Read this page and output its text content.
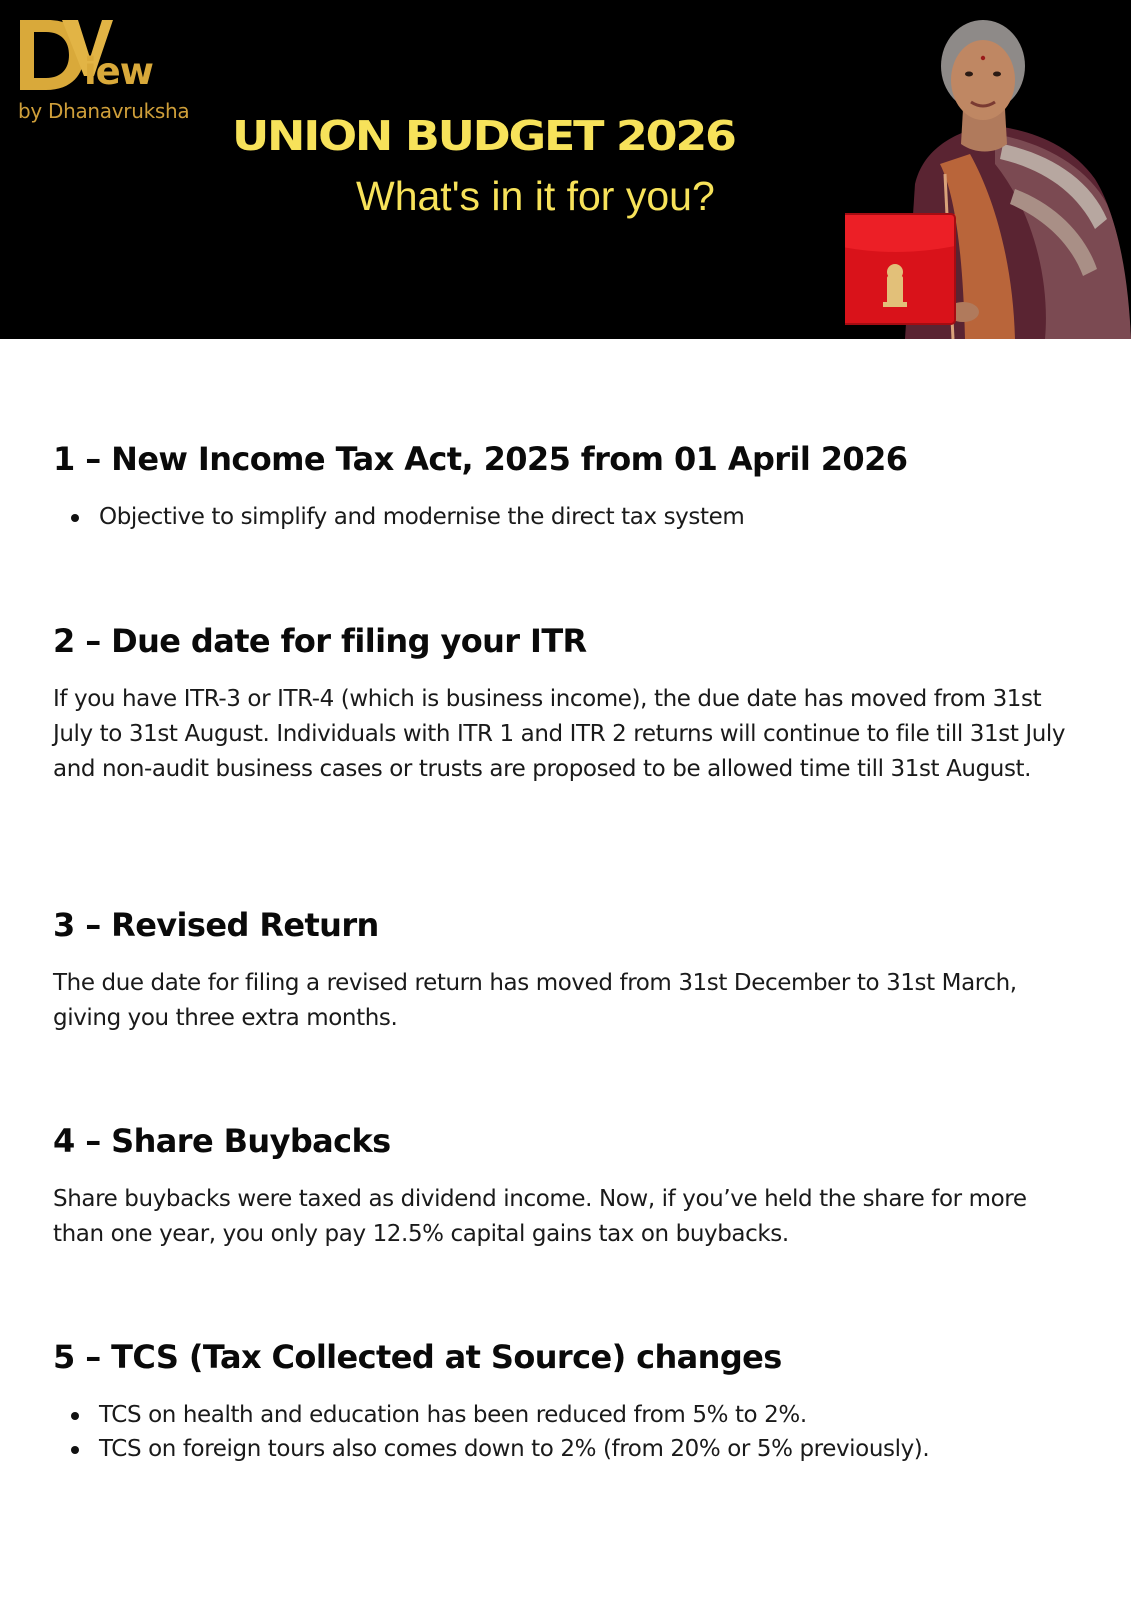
iew
by Dhanavruksha
UNION BUDGET 2026
What's in it for you?
1 – New Income Tax Act, 2025 from 01 April 2026
Objective to simplify and modernise the direct tax system
2 – Due date for filing your ITR

If you have ITR-3 or ITR-4 (which is business income), the due date has moved from 31st July to 31st August. Individuals with ITR 1 and ITR 2 returns will continue to file till 31st July and non-audit business cases or trusts are proposed to be allowed time till 31st August.

3 – Revised Return

The due date for filing a revised return has moved from 31st December to 31st March, giving you three extra months.

4 – Share Buybacks

Share buybacks were taxed as dividend income. Now, if you’ve held the share for more than one year, you only pay 12.5% capital gains tax on buybacks.

5 – TCS (Tax Collected at Source) changes
TCS on health and education has been reduced from 5% to 2%.
TCS on foreign tours also comes down to 2% (from 20% or 5% previously).
